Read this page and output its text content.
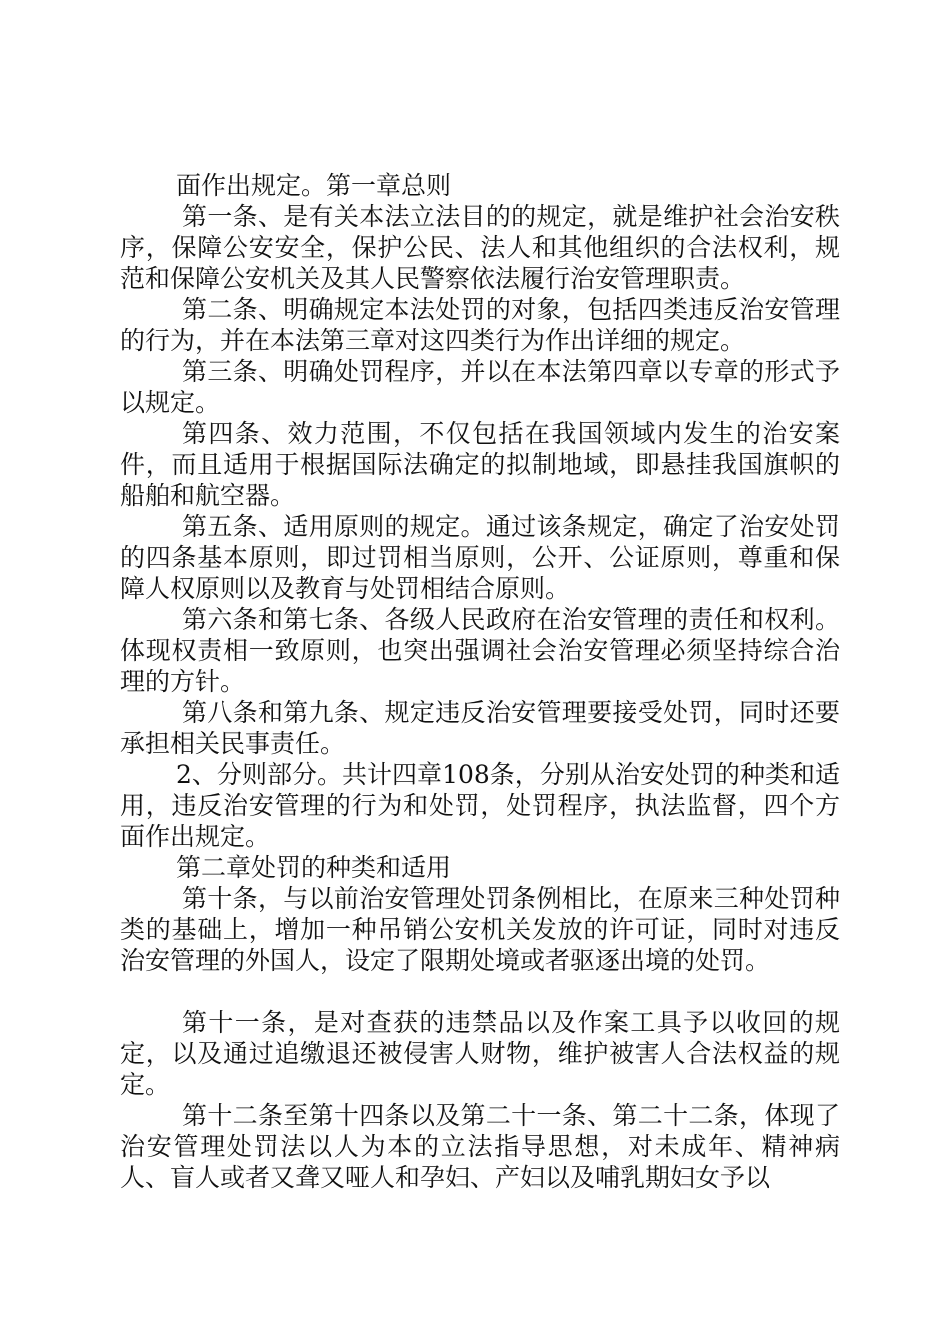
面作出规定。第一章总则

第一条、是有关本法立法目的的规定，就是维护社会治安秩序，保障公安安全，保护公民、法人和其他组织的合法权利，规范和保障公安机关及其人民警察依法履行治安管理职责。

第二条、明确规定本法处罚的对象，包括四类违反治安管理的行为，并在本法第三章对这四类行为作出详细的规定。

第三条、明确处罚程序，并以在本法第四章以专章的形式予以规定。

第四条、效力范围，不仅包括在我国领域内发生的治安案件，而且适用于根据国际法确定的拟制地域，即悬挂我国旗帜的船舶和航空器。

第五条、适用原则的规定。通过该条规定，确定了治安处罚的四条基本原则，即过罚相当原则，公开、公证原则，尊重和保障人权原则以及教育与处罚相结合原则。

第六条和第七条、各级人民政府在治安管理的责任和权利。体现权责相一致原则，也突出强调社会治安管理必须坚持综合治理的方针。

第八条和第九条、规定违反治安管理要接受处罚，同时还要承担相关民事责任。

2、分则部分。共计四章108条，分别从治安处罚的种类和适用，违反治安管理的行为和处罚，处罚程序，执法监督，四个方面作出规定。

第二章处罚的种类和适用

第十条，与以前治安管理处罚条例相比，在原来三种处罚种类的基础上，增加一种吊销公安机关发放的许可证，同时对违反治安管理的外国人，设定了限期处境或者驱逐出境的处罚。

第十一条，是对查获的违禁品以及作案工具予以收回的规定，以及通过追缴退还被侵害人财物，维护被害人合法权益的规定。

第十二条至第十四条以及第二十一条、第二十二条，体现了治安管理处罚法以人为本的立法指导思想，对未成年、精神病人、盲人或者又聋又哑人和孕妇、产妇以及哺乳期妇女予以
